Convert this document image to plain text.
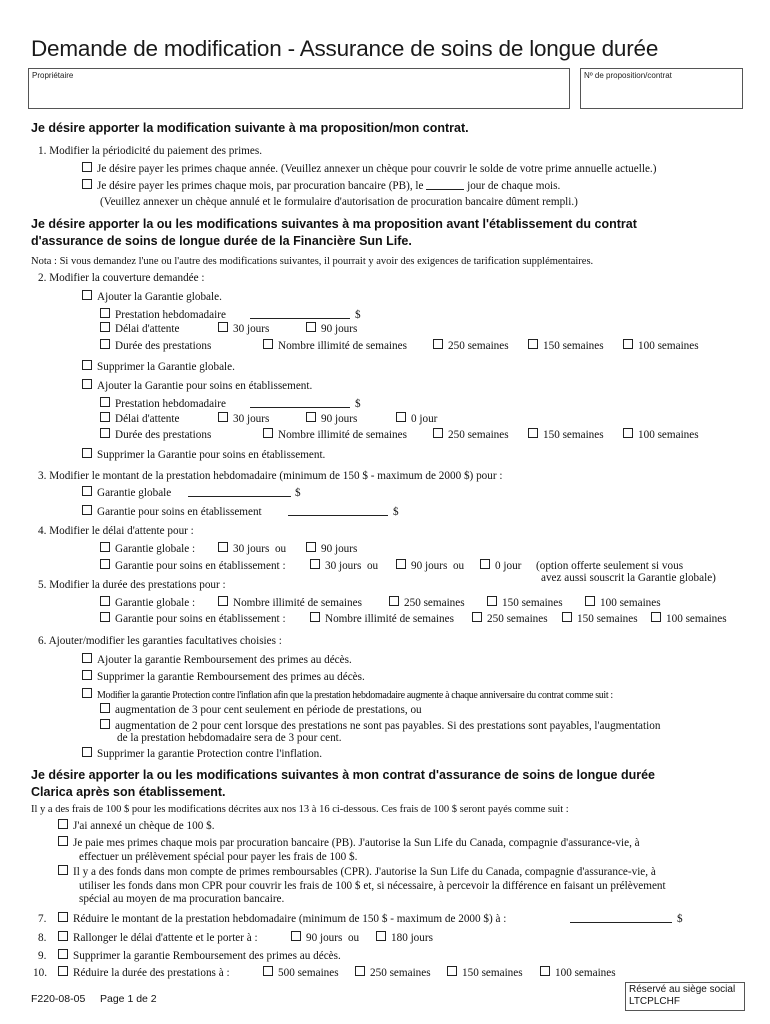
Demande de modification - Assurance de soins de longue durée
Propriétaire	Nº de proposition/contrat
Je désire apporter la modification suivante à ma proposition/mon contrat.
1. Modifier la périodicité du paiement des primes.
Je désire payer les primes chaque année. (Veuillez annexer un chèque pour couvrir le solde de votre prime annuelle actuelle.)
Je désire payer les primes chaque mois, par procuration bancaire (PB), le	jour de chaque mois.
(Veuillez annexer un chèque annulé et le formulaire d'autorisation de procuration bancaire dûment rempli.)
Je désire apporter la ou les modifications suivantes à ma proposition avant l'établissement du contrat
d'assurance de soins de longue durée de la Financière Sun Life.
Nota : Si vous demandez l'une ou l'autre des modifications suivantes, il pourrait y avoir des exigences de tarification supplémentaires.
2. Modifier la couverture demandée :
Ajouter la Garantie globale.
Prestation hebdomadaire	$
Délai d'attente	30 jours	90 jours
Durée des prestations	Nombre illimité de semaines	250 semaines	150 semaines	100 semaines
Supprimer la Garantie globale.
Ajouter la Garantie pour soins en établissement.
Prestation hebdomadaire	$
Délai d'attente	30 jours	90 jours	0 jour
Durée des prestations	Nombre illimité de semaines	250 semaines	150 semaines	100 semaines
Supprimer la Garantie pour soins en établissement.
3. Modifier le montant de la prestation hebdomadaire (minimum de 150 $ - maximum de 2000 $) pour :
Garantie globale	$
Garantie pour soins en établissement	$
4. Modifier le délai d'attente pour :
Garantie globale :	30 jours ou	90 jours
Garantie pour soins en établissement :	30 jours ou	90 jours ou	0 jour (option offerte seulement si vous
avez aussi souscrit la Garantie globale)
5. Modifier la durée des prestations pour :
Garantie globale :	Nombre illimité de semaines	250 semaines	150 semaines	100 semaines
Garantie pour soins en établissement :	Nombre illimité de semaines	250 semaines	150 semaines	100 semaines
6. Ajouter/modifier les garanties facultatives choisies :
Ajouter la garantie Remboursement des primes au décès.
Supprimer la garantie Remboursement des primes au décès.
Modifier la garantie Protection contre l'inflation afin que la prestation hebdomadaire augmente à chaque anniversaire du contrat comme suit :
augmentation de 3 pour cent seulement en période de prestations, ou
augmentation de 2 pour cent lorsque des prestations ne sont pas payables. Si des prestations sont payables, l'augmentation
de la prestation hebdomadaire sera de 3 pour cent.
Supprimer la garantie Protection contre l'inflation.
Je désire apporter la ou les modifications suivantes à mon contrat d'assurance de soins de longue durée
Clarica après son établissement.
Il y a des frais de 100 $ pour les modifications décrites aux nos 13 à 16 ci-dessous. Ces frais de 100 $ seront payés comme suit :
J'ai annexé un chèque de 100 $.
Je paie mes primes chaque mois par procuration bancaire (PB). J'autorise la Sun Life du Canada, compagnie d'assurance-vie, à
effectuer un prélèvement spécial pour payer les frais de 100 $.
Il y a des fonds dans mon compte de primes remboursables (CPR). J'autorise la Sun Life du Canada, compagnie d'assurance-vie, à
utiliser les fonds dans mon CPR pour couvrir les frais de 100 $ et, si nécessaire, à percevoir la différence en faisant un prélèvement
spécial au moyen de ma procuration bancaire.
7.	Réduire le montant de la prestation hebdomadaire (minimum de 150 $ - maximum de 2000 $) à :	$
8.	Rallonger le délai d'attente et le porter à :	90 jours ou	180 jours
9.	Supprimer la garantie Remboursement des primes au décès.
10.	Réduire la durée des prestations à :	500 semaines	250 semaines	150 semaines	100 semaines
F220-08-05 Page 1 de 2
Réservé au siège social
LTCPLCHF
